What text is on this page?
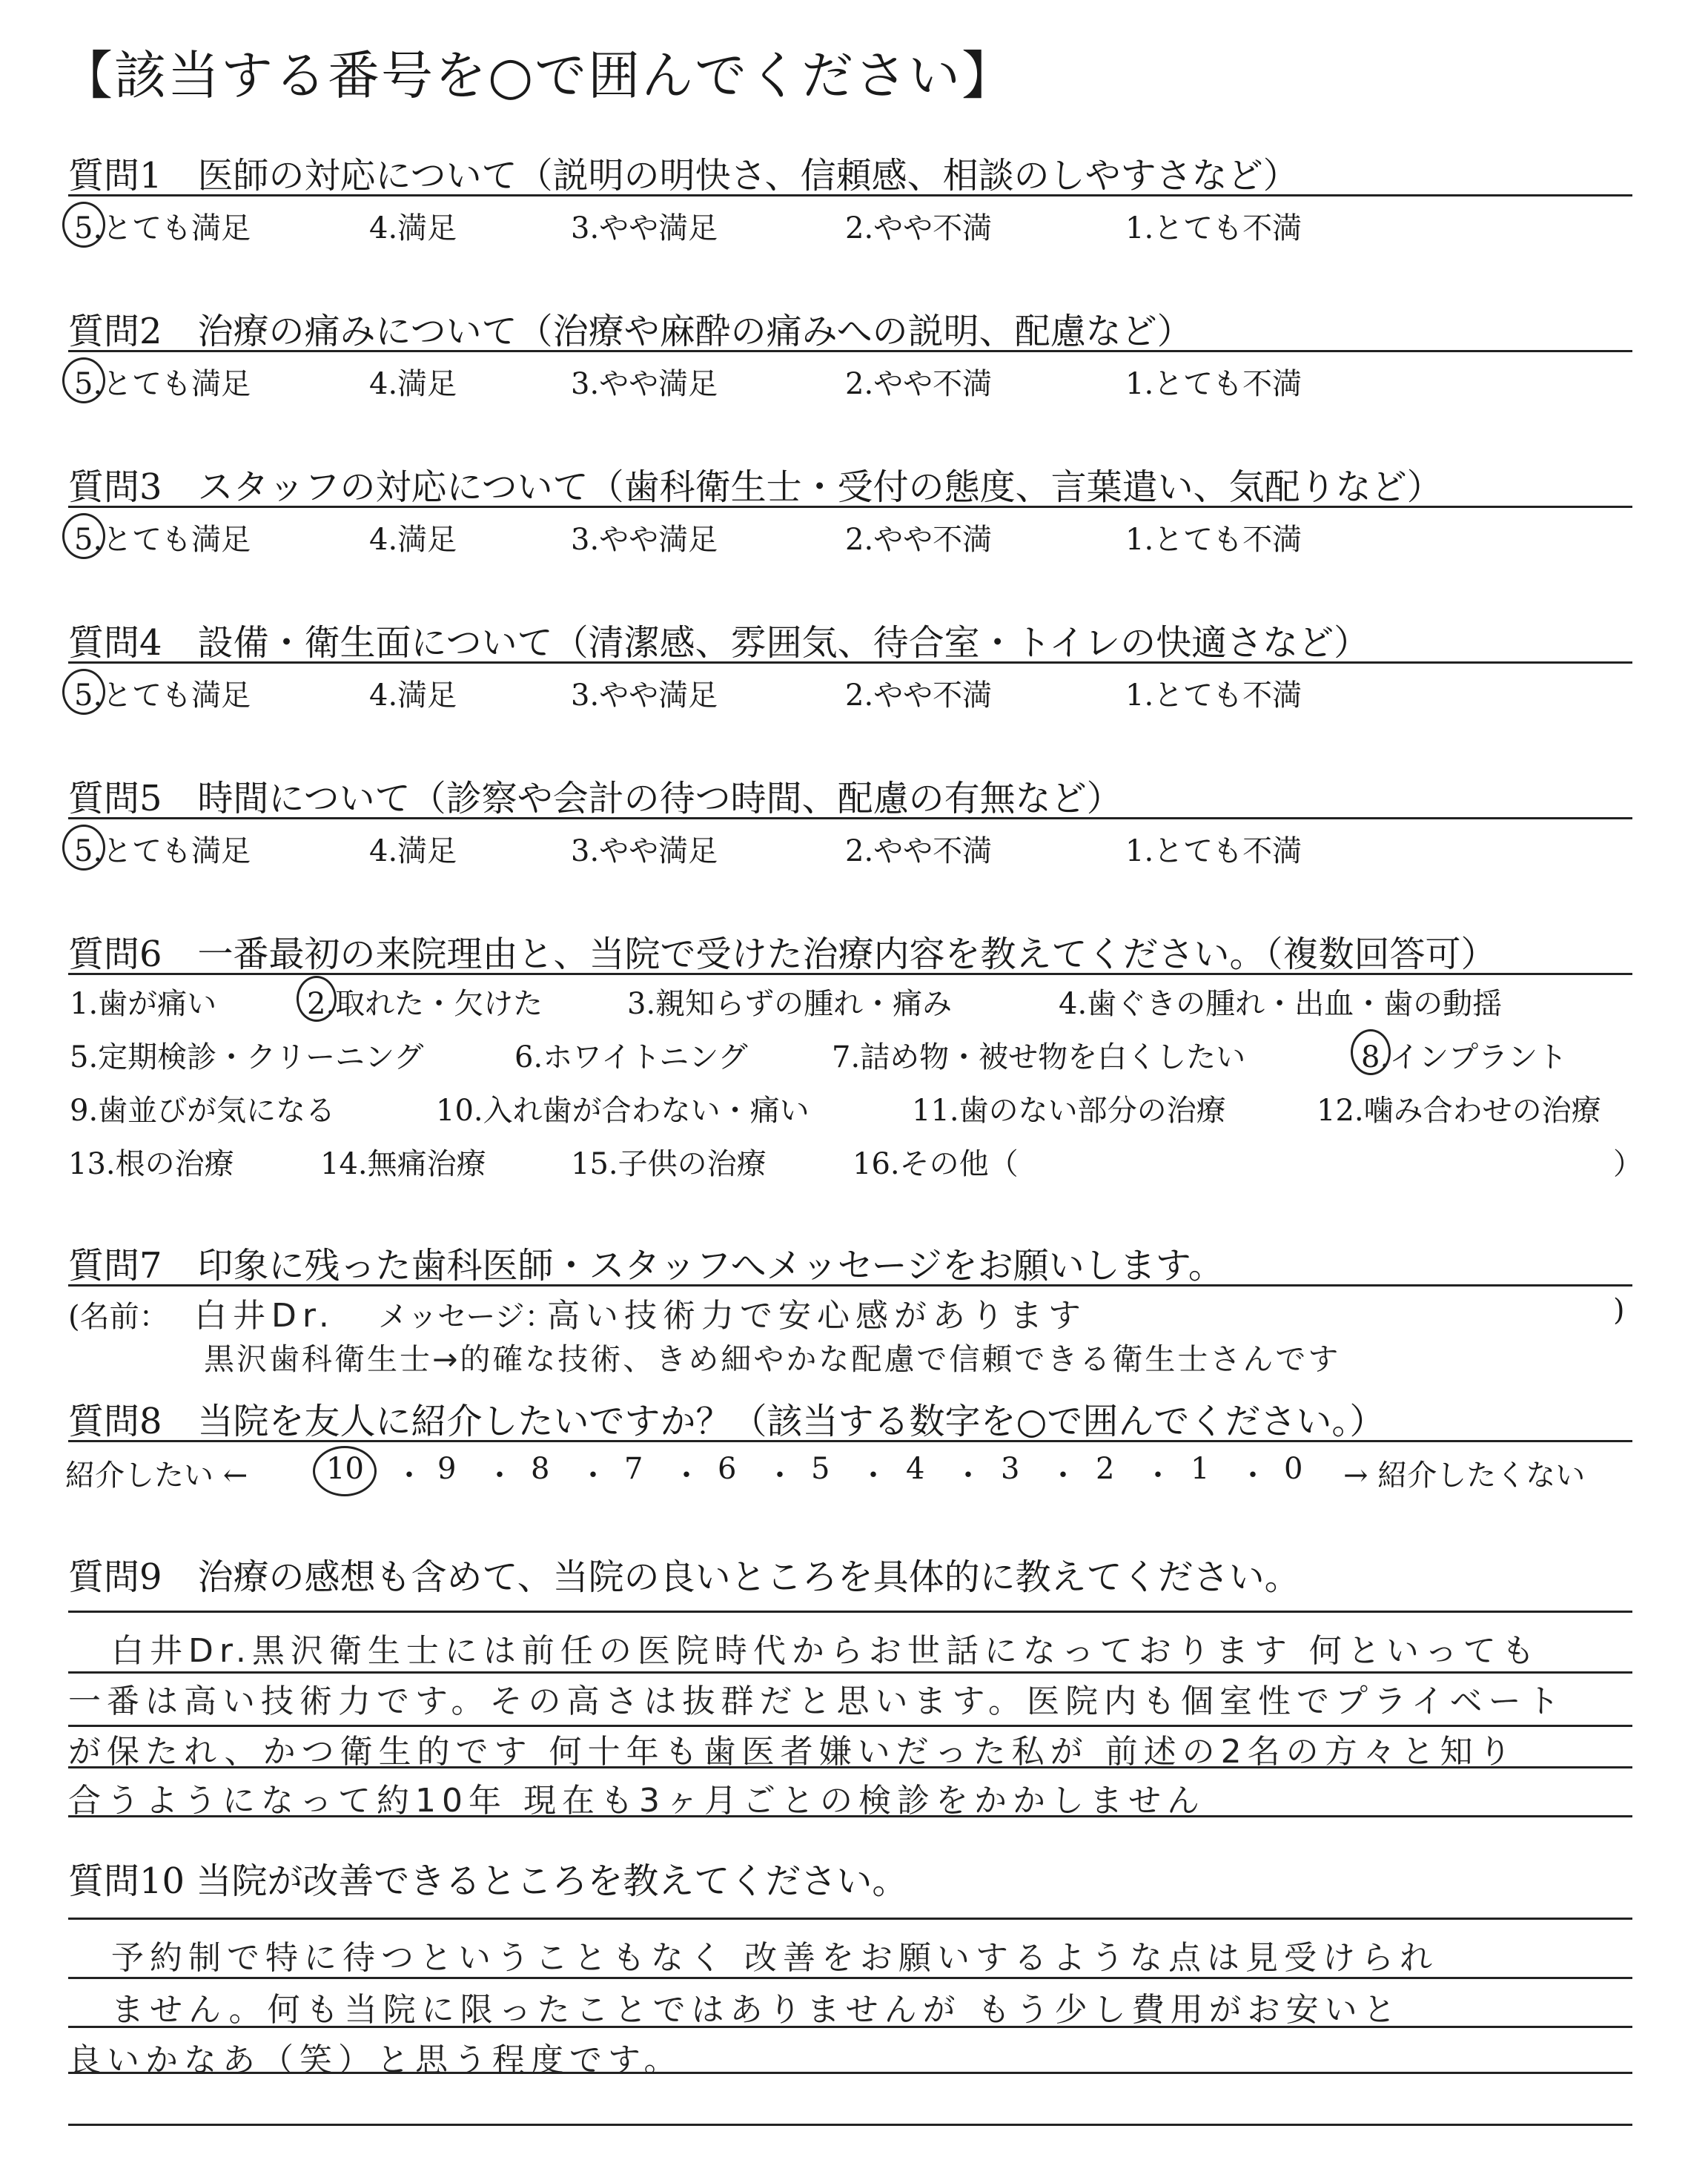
【該当する番号を○で囲んでください】
質問1　医師の対応について（説明の明快さ、信頼感、相談のしやすさなど）
質問2　治療の痛みについて（治療や麻酔の痛みへの説明、配慮など）
質問3　スタッフの対応について（歯科衛生士・受付の態度、言葉遣い、気配りなど）
質問4　設備・衛生面について（清潔感、雰囲気、待合室・トイレの快適さなど）
質問5　時間について（診察や会計の待つ時間、配慮の有無など）
5.とても満足	4.満足	3.やや満足	2.やや不満	1.とても不満
5.とても満足	4.満足	3.やや満足	2.やや不満	1.とても不満
5.とても満足	4.満足	3.やや満足	2.やや不満	1.とても不満
5.とても満足	4.満足	3.やや満足	2.やや不満	1.とても不満
5.とても満足	4.満足	3.やや満足	2.やや不満	1.とても不満
質問6　一番最初の来院理由と、当院で受けた治療内容を教えてください。（複数回答可）
1.歯が痛い	2.取れた・欠けた	3.親知らずの腫れ・痛み	4.歯ぐきの腫れ・出血・歯の動揺
5.定期検診・クリーニング	6.ホワイトニング	7.詰め物・被せ物を白くしたい	8.インプラント
9.歯並びが気になる	10.入れ歯が合わない・痛い	11.歯のない部分の治療	12.噛み合わせの治療
13.根の治療	14.無痛治療	15.子供の治療	16.その他（	）
質問7　印象に残った歯科医師・スタッフへメッセージをお願いします。
(名前： 白井Dr. メッセージ：
高い技術力で安心感があります	)
黒沢歯科衛生士→的確な技術、きめ細やかな配慮で信頼できる衛生士さんです
質問8　当院を友人に紹介したいですか？（該当する数字を○で囲んでください。）
紹介したい ←	10 ・ 9 ・ 8 ・ 7 ・ 6 ・ 5 ・ 4 ・ 3 ・ 2 ・ 1 ・ 0 → 紹介したくない
質問9　治療の感想も含めて、当院の良いところを具体的に教えてください。
白井Dr.黒沢衛生士には前任の医院時代からお世話になっております 何といっても
一番は高い技術力です。その高さは抜群だと思います。医院内も個室性でプライベート
が保たれ、かつ衛生的です 何十年も歯医者嫌いだった私が 前述の2名の方々と知り
合うようになって約10年 現在も3ヶ月ごとの検診をかかしません
質問10 当院が改善できるところを教えてください。
予約制で特に待つということもなく 改善をお願いするような点は見受けられ
ません。何も当院に限ったことではありませんが もう少し費用がお安いと
良いかなあ（笑）と思う程度です。
